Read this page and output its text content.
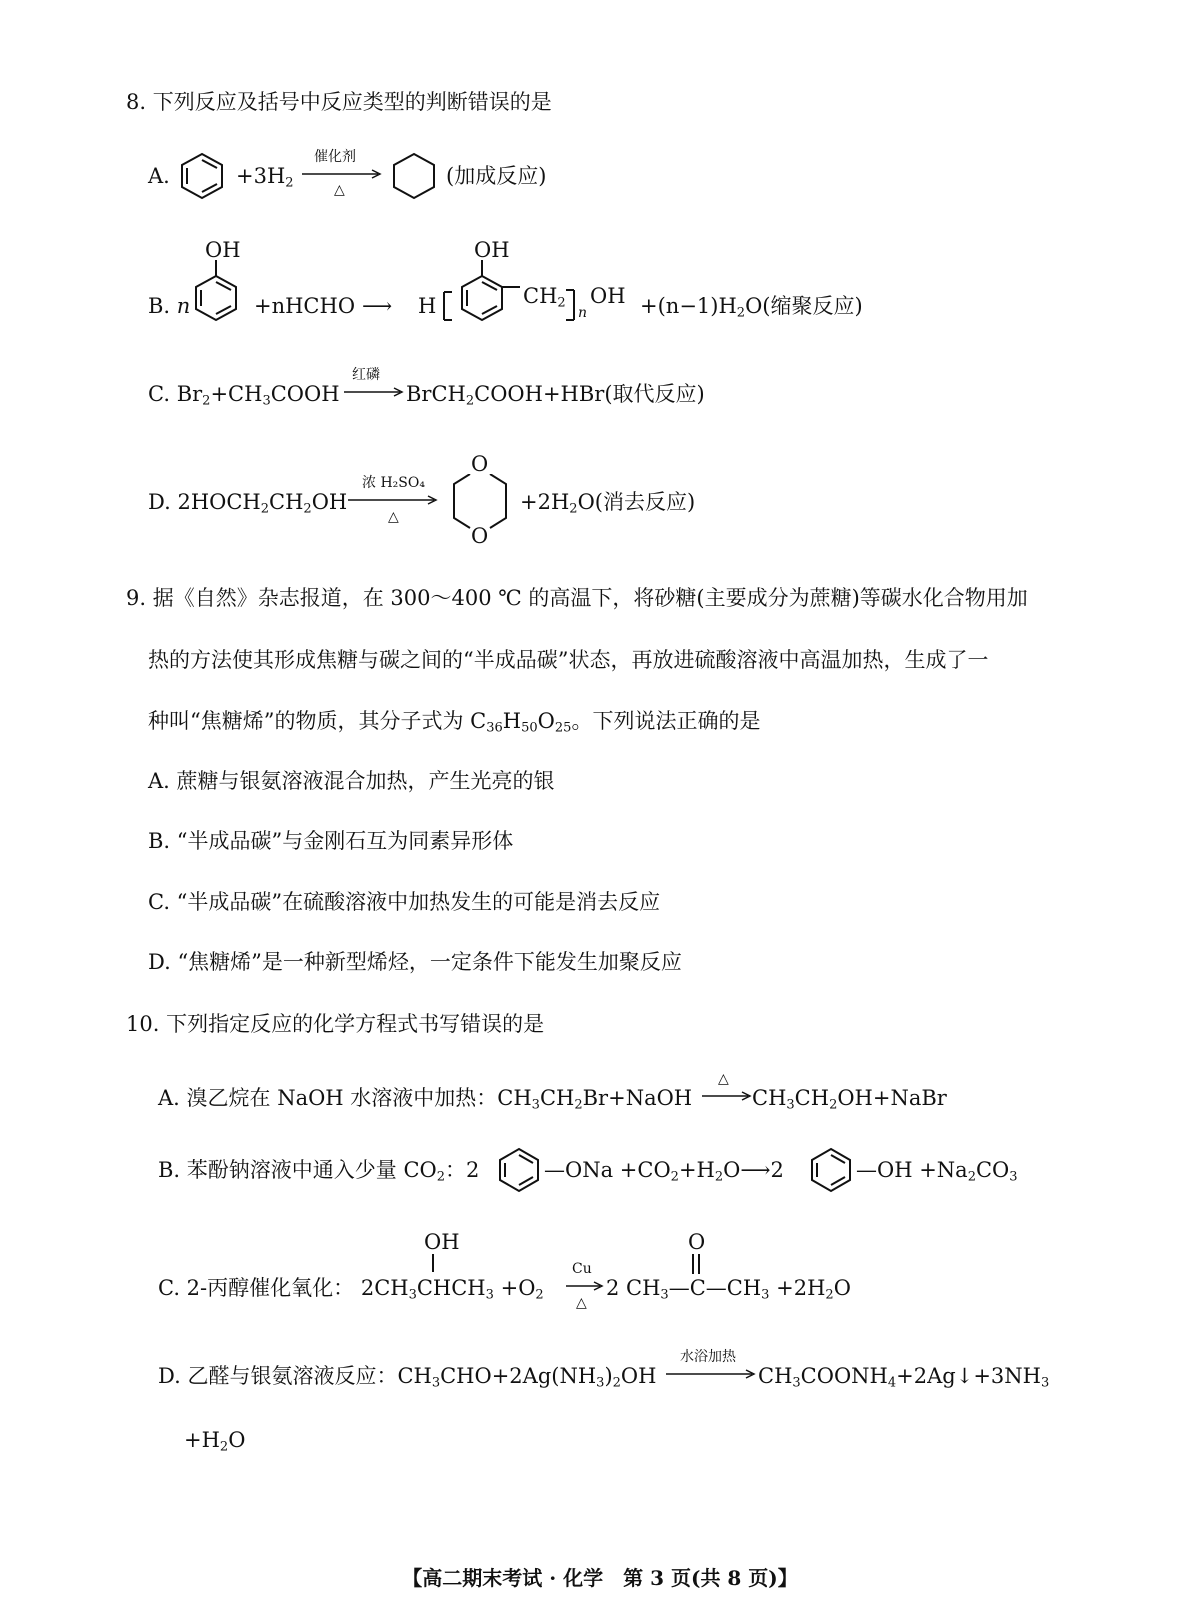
8. 下列反应及括号中反应类型的判断错误的是
A.	$+3H_2$
催化剂
△
(加成反应)
B. n
OH
+nHCHO ⟶ H
OH
$CH_2$
n
OH $+(n-1)H_2O$(缩聚反应)
C. $Br_2+CH_3COOH$
红磷
→ BrCH$_2$COOH+HBr(取代反应)
D. $2HOCH_2CH_2OH$
浓 H₂SO₄
△
O
O
$+2H_2O$(消去反应)
9. 据《自然》杂志报道，在 300～400 ℃ 的高温下，将砂糖(主要成分为蔗糖)等碳水化合物用加
热的方法使其形成焦糖与碳之间的“半成品碳”状态，再放进硫酸溶液中高温加热，生成了一
种叫“焦糖烯”的物质，其分子式为 $C_{36}H_{50}O_{25}$。下列说法正确的是
A. 蔗糖与银氨溶液混合加热，产生光亮的银
B. “半成品碳”与金刚石互为同素异形体
C. “半成品碳”在硫酸溶液中加热发生的可能是消去反应
D. “焦糖烯”是一种新型烯烃，一定条件下能发生加聚反应
10. 下列指定反应的化学方程式书写错误的是
A. 溴乙烷在 NaOH 水溶液中加热：$CH_3CH_2Br+NaOH$
△
$CH_3CH_2OH+NaBr$
B. 苯酚钠溶液中通入少量 $CO_2$：2	—ONa $+CO_2+H_2O⟶2$	—OH $+Na_2CO_3$
OH
C. 2-丙醇催化氧化： $2CH_3CHCH_3 +O_2$
Cu
△
O
2 $CH_3—C—CH_3 +2H_2O$
D. 乙醛与银氨溶液反应：$CH_3CHO+2Ag(NH_3)_2OH$
水浴加热
$CH_3COONH_4+2Ag↓+3NH_3$
$+H_2O$
【高二期末考试 · 化学　第 3 页(共 8 页)】
